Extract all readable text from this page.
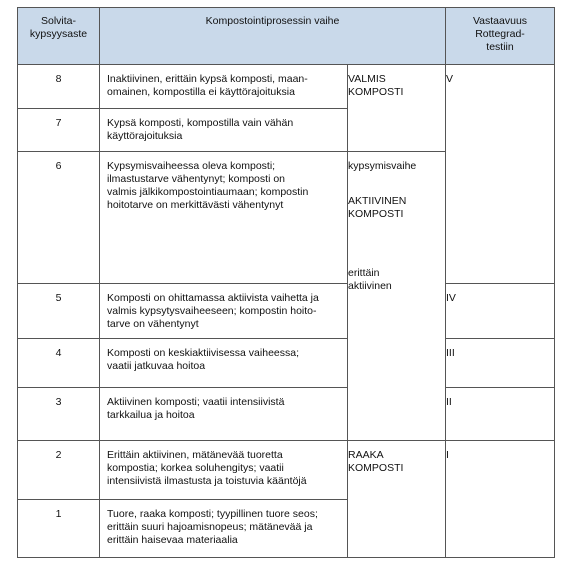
Solvita-
kypsyysaste	Kompostointiprosessin vaihe		Vastaavuus
Rottegrad-
testiin

8	Inaktiivinen, erittäin kypsä komposti, maan-
omainen, kompostilla ei käyttörajoituksia	VALMIS
KOMPOSTI	V
7	Kypsä komposti, kompostilla vain vähän
käyttörajoituksia		

6	Kypsymisvaiheessa oleva komposti;
ilmastustarve vähentynyt; komposti on
valmis jälkikompostointiaumaan; kompostin
hoitotarve on merkittävästi vähentynyt	kypsymisvaihe
AKTIIVINEN
KOMPOSTI
erittäin
aktiivinen	

5	Komposti on ohittamassa aktiivista vaihetta ja
valmis kypsytysvaiheeseen; kompostin hoito-
tarve on vähentynyt		IV
4	Komposti on keskiaktiivisessa vaiheessa;
vaatii jatkuvaa hoitoa		III
3	Aktiivinen komposti; vaatii intensiivistä
tarkkailua ja hoitoa		II
2	Erittäin aktiivinen, mätänevää tuoretta
kompostia; korkea soluhengitys; vaatii
intensiivistä ilmastusta ja toistuvia kääntöjä	RAAKA
KOMPOSTI	I
1	Tuore, raaka komposti; tyypillinen tuore seos;
erittäin suuri hajoamisnopeus; mätänevää ja
erittäin haisevaa materiaalia		
